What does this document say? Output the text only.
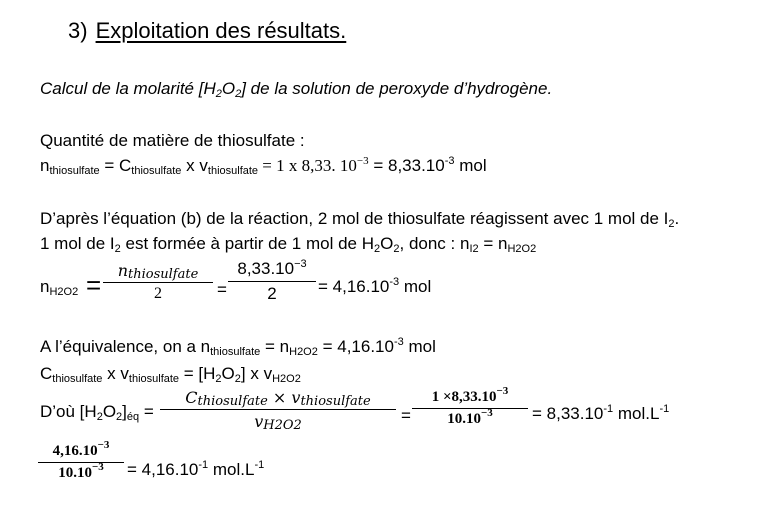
3) Exploitation des résultats.
Calcul de la molarité $[H_2O_2]$ de la solution de peroxyde d’hydrogène.
Quantité de matière de thiosulfate :
$n_{thiosulfate} = C_{thiosulfate}$ x $v_{thiosulfate} = 1$ x 8,33. $10^{-3} = 8,33.10^{-3}$ mol
D’après l’équation (b) de la réaction, 2 mol de thiosulfate réagissent avec 1 mol de $I_2$.
1 mol de $I_2$ est formée à partir de 1 mol de $H_2O_2$, donc : $n_{I2} = n_{H2O2}$
$n_{H2O2}$ =	$n_{thiosulfate}$
2	=
$8,33.10^{-3}$
2	= $4,16.10^{-3}$ mol
A l’équivalence, on a $n_{thiosulfate} = n_{H2O2} = 4,16.10^{-3}$ mol
$C_{thiosulfate}$ x $v_{thiosulfate} = [H_2O_2]$ x $v_{H2O2}$
D’où $[H_2O_2]_{éq}$ =
$C_{thiosulfate} \times v_{thiosulfate}$
$v_{H2O2}$
=
$1 \times 8,33.10^{-3}$
$10.10^{-3}$	= $8,33.10^{-1}$ $mol.L^{-1}$
$4,16.10^{-3}$
$10.10^{-3}$	= $4,16.10^{-1}$ $mol.L^{-1}$
